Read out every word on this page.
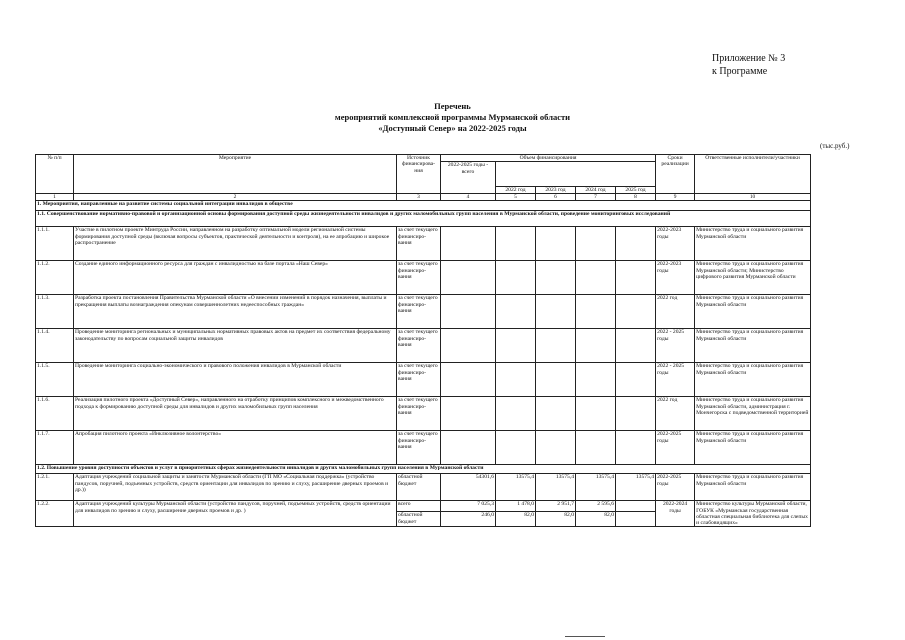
Приложение № 3
к Программе
Перечень
мероприятий комплексной программы Мурманской области
«Доступный Север» на 2022-2025 годы
(тыс.руб.)
№ п/п	Мероприятие	Источник финансирова-ния	Объем финансирования					Сроки реализации	Ответственные исполнители/участники
			2022-2025 годы - всего						
				2022 год	2023 год	2024 год	2025 год		
1	2	3	4	5	6	7	8	9	10
1. Мероприятия, направленные на развитие системы социальной интеграции инвалидов в обществе									
1.1. Совершенствование нормативно-правовой и организационной основы формирования доступной среды жизнедеятельности инвалидов и других маломобильных групп населения в Мурманской области, проведение мониторинговых исследований									
1.1.1.	Участие в пилотном проекте Минтруда России, направленном на разработку оптимальной модели региональной системы формирования доступной среды (включая вопросы субъектов, практической деятельности и контроля), на ее апробацию и широкое распространение	за счет текущего финансиро-вания						2022-2023 годы	Министерство труда и социального развития Мурманской области
1.1.2.	Создание единого информационного ресурса для граждан с инвалидностью на базе портала «Наш Север»	за счет текущего финансиро-вания						2022-2023 годы	Министерство труда и социального развития Мурманской области; Министерство цифрового развития Мурманской области
1.1.3.	Разработка проекта постановления Правительства Мурманской области «О внесении изменений в порядок назначения, выплаты и прекращения выплаты вознаграждения опекунам совершеннолетних недееспособных граждан»	за счет текущего финансиро-вания						2022 год	Министерство труда и социального развития Мурманской области
1.1.4.	Проведение мониторинга региональных и муниципальных нормативных правовых актов на предмет их соответствия федеральному законодательству по вопросам социальной защиты инвалидов	за счет текущего финансиро-вания						2022 - 2025 годы	Министерство труда и социального развития Мурманской области
1.1.5.	Проведение мониторинга социально-экономического и правового положения инвалидов в Мурманской области	за счет текущего финансиро-вания						2022 - 2025 годы	Министерство труда и социального развития Мурманской области
1.1.6.	Реализация пилотного проекта «Доступный Север», направленного на отработку принципов комплексного и межведомственного подхода к формированию доступной среды для инвалидов и других маломобильных групп населения	за счет текущего финансиро-вания						2022 год	Министерство труда и социального развития Мурманской области, администрация г. Мончегорска с подведомственной территорией
1.1.7.	Апробация пилотного проекта «Инклюзивное волонтерство»	за счет текущего финансиро-вания						2022-2025 годы	Министерство труда и социального развития Мурманской области
1.2. Повышение уровня доступности объектов и услуг в приоритетных сферах жизнедеятельности инвалидов и других маломобильных групп населения в Мурманской области									
1.2.1.	Адаптация учреждений социальной защиты и занятости Мурманской области (ГП МО «Социальная поддержка» (устройство пандусов, поручней, подъемных устройств, средств ориентации для инвалидов по зрению и слуху, расширение дверных проемов и др.))	областной бюджет	54301,6	13575,4	13575,4	13575,4	13575,4	2022-2025 годы	Министерство труда и социального развития Мурманской области
1.2.2.	Адаптация учреждений культуры Мурманской области (устройство пандусов, поручней, подъемных устройств, средств ориентации для инвалидов по зрению и слуху, расширение дверных проемов и др. )	всего	7 025,3	1 478,0	2 951,7	2 595,6		2022-2024 годы	Министерство культуры Мурманской области, ГОБУК «Мурманская государственная областная специальная библиотека для слепых и слабовидящих»
		областной бюджет	246,0	82,0	82,0	82,0			
